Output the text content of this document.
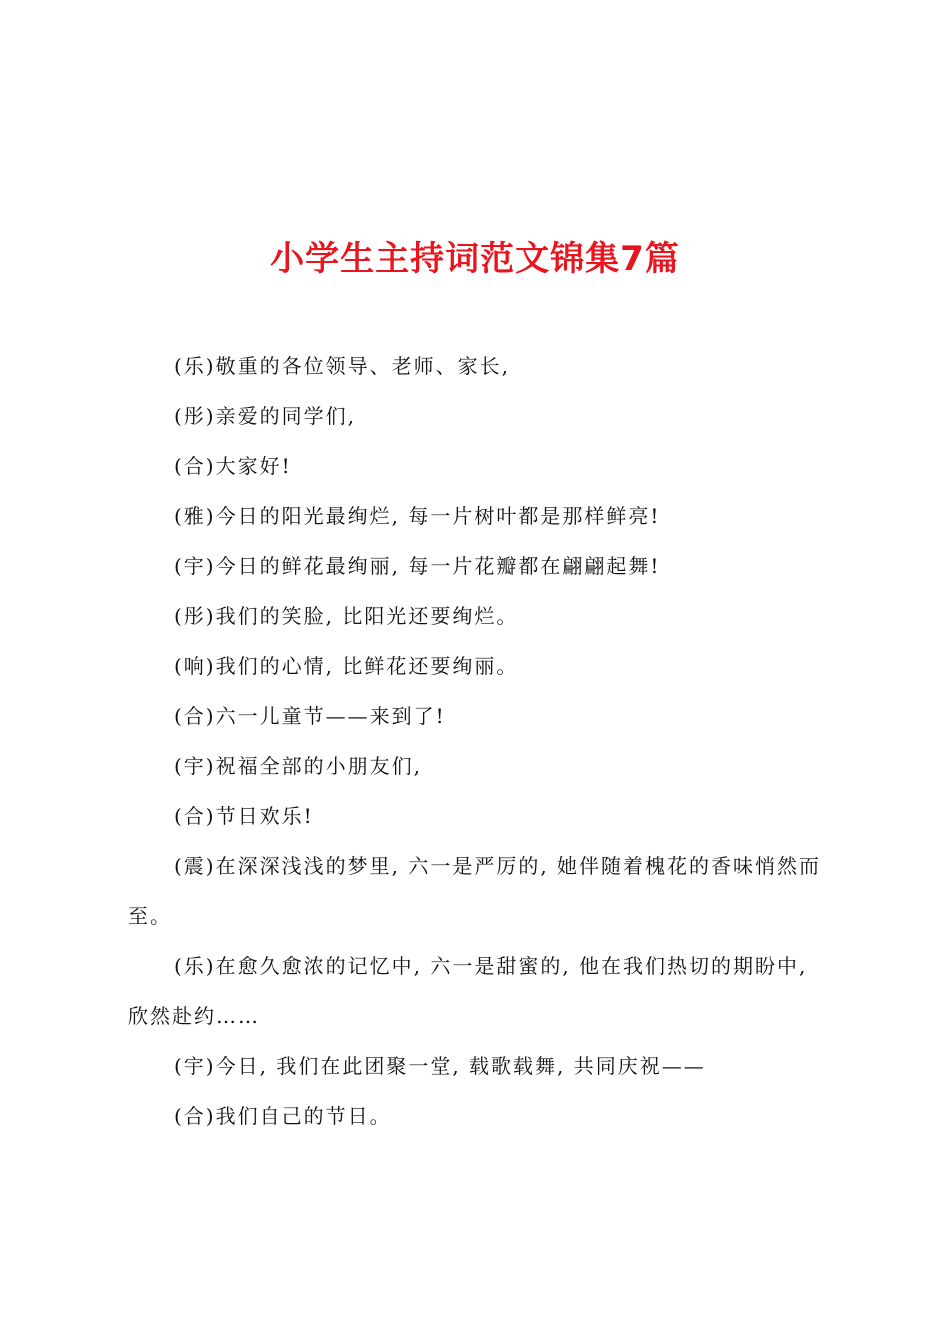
小学生主持词范文锦集7篇

(乐)敬重的各位领导、老师、家长,

(彤)亲爱的同学们,

(合)大家好!

(雅)今日的阳光最绚烂, 每一片树叶都是那样鲜亮!

(宇)今日的鲜花最绚丽, 每一片花瓣都在翩翩起舞!

(彤)我们的笑脸, 比阳光还要绚烂。

(响)我们的心情, 比鲜花还要绚丽。

(合)六一儿童节——来到了!

(宇)祝福全部的小朋友们,

(合)节日欢乐!

(震)在深深浅浅的梦里, 六一是严厉的, 她伴随着槐花的香味悄然而至。

(乐)在愈久愈浓的记忆中, 六一是甜蜜的, 他在我们热切的期盼中, 欣然赴约……

(宇)今日, 我们在此团聚一堂, 载歌载舞, 共同庆祝——

(合)我们自己的节日。
